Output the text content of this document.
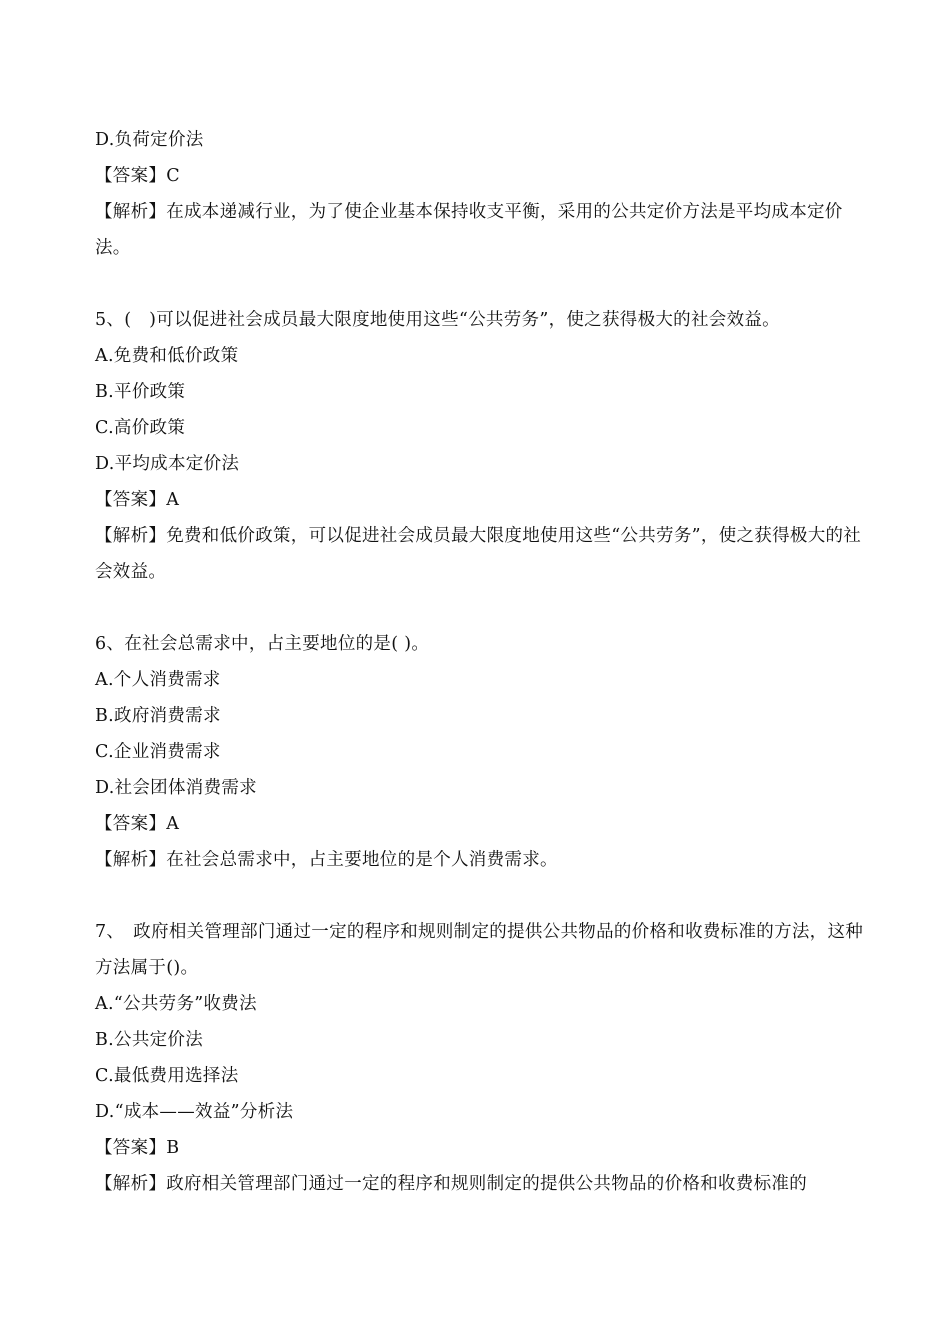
D.负荷定价法
【答案】C
【解析】在成本递减行业，为了使企业基本保持收支平衡，采用的公共定价方法是平均成本定价法。
5、(　)可以促进社会成员最大限度地使用这些“公共劳务”，使之获得极大的社会效益。
A.免费和低价政策
B.平价政策
C.高价政策
D.平均成本定价法
【答案】A
【解析】免费和低价政策，可以促进社会成员最大限度地使用这些“公共劳务”，使之获得极大的社会效益。
6、在社会总需求中，占主要地位的是( )。
A.个人消费需求
B.政府消费需求
C.企业消费需求
D.社会团体消费需求
【答案】A
【解析】在社会总需求中，占主要地位的是个人消费需求。
7、　政府相关管理部门通过一定的程序和规则制定的提供公共物品的价格和收费标准的方法，这种方法属于()。
A.“公共劳务”收费法
B.公共定价法
C.最低费用选择法
D.“成本——效益”分析法
【答案】B
【解析】政府相关管理部门通过一定的程序和规则制定的提供公共物品的价格和收费标准的
